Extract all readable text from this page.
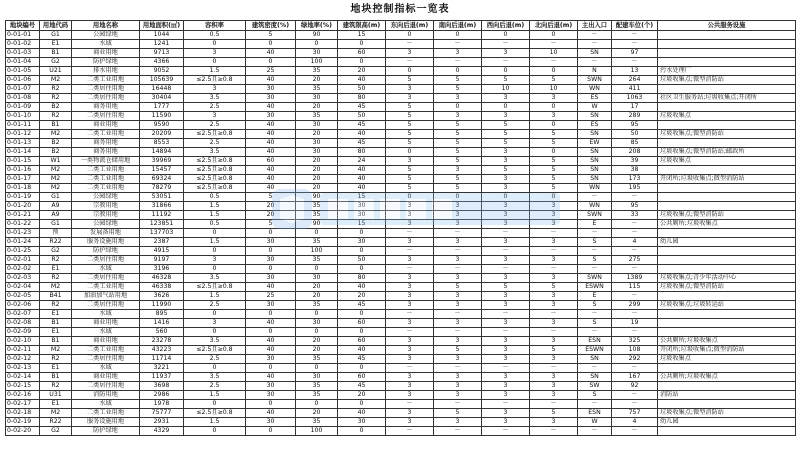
地块控制指标一览表
地块编号	用地代码	用地名称	用地面积(㎡)	容积率	建筑密度(%)	绿地率(%)	建筑限高(m)	东向后退(m)	南向后退(m)	西向后退(m)	北向后退(m)	主出入口	配建车位(个)	公共服务设施
0-01-01	G1	公园绿地	1044	0.5	5	90	15	0	0	0	0	－	－	
0-01-02	E1	水域	1241	0	0	0	0	－	－	－	－	－	－	
0-01-03	B1	商业用地	9713	3	40	30	60	3	3	3	10	SN	97	
0-01-04	G2	防护绿地	4366	0	0	100	0	－	－	－	－	－	－	
0-01-05	U21	排水用地	9052	1.5	25	35	20	0	0	0	0	N	13	污水处理厂
0-01-06	M2	二类工业用地	105639	≤2.5且≥0.8	40	20	40	5	5	5	5	SWN	264	垃圾收集点;微型消防站
0-01-07	R2	二类居住用地	16448	3	30	35	50	3	5	10	10	WN	411	
0-01-08	R2	二类居住用地	30404	3.5	30	30	80	3	3	3	3	ES	1063	社区卫生服务站;垃圾收集点;开闭所
0-01-09	B2	商务用地	1777	2.5	40	20	45	5	0	0	0	W	17	
0-01-10	R2	二类居住用地	11590	3	30	35	50	5	3	3	3	SN	289	垃圾收集点
0-01-11	B1	商业用地	9590	2.5	40	30	45	5	5	5	0	ES	95	
0-01-12	M2	二类工业用地	20209	≤2.5且≥0.8	40	20	40	5	5	5	5	SN	50	垃圾收集点;微型消防站
0-01-13	B2	商务用地	8553	2.5	40	30	45	5	5	5	5	EW	85	
0-01-14	B2	商务用地	14894	3.5	40	30	80	0	5	3	0	SN	208	垃圾收集点;微型消防站;邮政所
0-01-15	W1	一类物流仓储用地	39969	≤2.5且≥0.8	60	20	24	3	5	3	5	SN	39	垃圾收集点
0-01-16	M2	二类工业用地	15457	≤2.5且≥0.8	40	20	40	5	3	5	5	SN	38	
0-01-17	M2	二类工业用地	69324	≤2.5且≥0.8	40	20	40	5	5	3	5	SN	173	开闭所;垃圾收集点;微型消防站
0-01-18	M2	二类工业用地	78279	≤2.5且≥0.8	40	20	40	5	5	3	5	WN	195	
0-01-19	G1	公园绿地	53051	0.5	5	90	15	0	0	0	0	－	－	
0-01-20	A9	宗教用地	31866	1.5	20	35	30	3	3	3	3	WN	95	
0-01-21	A9	宗教用地	11192	1.5	20	35	30	3	3	3	3	SWN	33	垃圾收集点;微型消防站
0-01-22	G1	公园绿地	123851	0.5	5	90	15	3	3	3	3	E	－	公共厕所;垃圾收集点
0-01-23	预	发展备用地	137703	0	0	0	0	－	－	－	－	－	－	
0-01-24	R22	服务设施用地	2387	1.5	30	35	30	3	3	3	3	S	4	幼儿园
0-01-25	G2	防护绿地	4915	0	0	100	0	－	－	－	－	－	－	
0-02-01	R2	二类居住用地	9197	3	30	35	50	3	3	3	3	S	275	
0-02-02	E1	水域	3196	0	0	0	0	－	－	－	－	－	－	
0-02-03	R2	二类居住用地	46328	3.5	30	30	80	3	3	3	3	SWN	1389	垃圾收集点;青少年活动中心
0-02-04	M2	二类工业用地	46338	≤2.5且≥0.8	40	20	40	3	5	5	5	ESWN	115	垃圾收集点;微型消防站
0-02-05	B41	加油加气站用地	3626	1.5	25	20	20	3	3	3	3	E	－	
0-02-06	R2	二类居住用地	11990	2.5	30	35	45	3	3	3	3	S	299	垃圾收集点;垃圾转运站
0-02-07	E1	水域	895	0	0	0	0	－	－	－	－	－	－	
0-02-08	B1	商业用地	1416	3	40	30	60	3	3	3	3	S	19	
0-02-09	E1	水域	560	0	0	0	0	－	－	－	－	－	－	
0-02-10	B1	商业用地	23278	3.5	40	20	60	3	3	3	3	ESN	325	公共厕所;垃圾收集点
0-02-11	M2	二类工业用地	43223	≤2.5且≥0.8	40	20	40	3	5	3	5	ESWN	108	开闭所;垃圾收集点;微型消防站
0-02-12	R2	二类居住用地	11714	2.5	30	35	45	3	3	3	3	SN	292	垃圾收集点
0-02-13	E1	水域	3221	0	0	0	0	－	－	－	－	－	－	
0-02-14	B1	商业用地	11937	3.5	40	30	60	3	3	3	3	SN	167	公共厕所;垃圾收集点
0-02-15	R2	二类居住用地	3698	2.5	30	35	45	3	3	3	3	SW	92	
0-02-16	U31	消防用地	2986	1.5	30	35	20	3	3	3	3	S	－	消防站
0-02-17	E1	水域	1978	0	0	0	0	－	－	－	－	－	－	
0-02-18	M2	二类工业用地	75777	≤2.5且≥0.8	40	20	40	3	5	3	5	ESN	757	垃圾收集点;微型消防站
0-02-19	R22	服务设施用地	2931	1.5	30	35	30	3	3	3	3	W	4	幼儿园
0-02-20	G2	防护绿地	4329	0	0	100	0	－	－	－	－	－	－	
